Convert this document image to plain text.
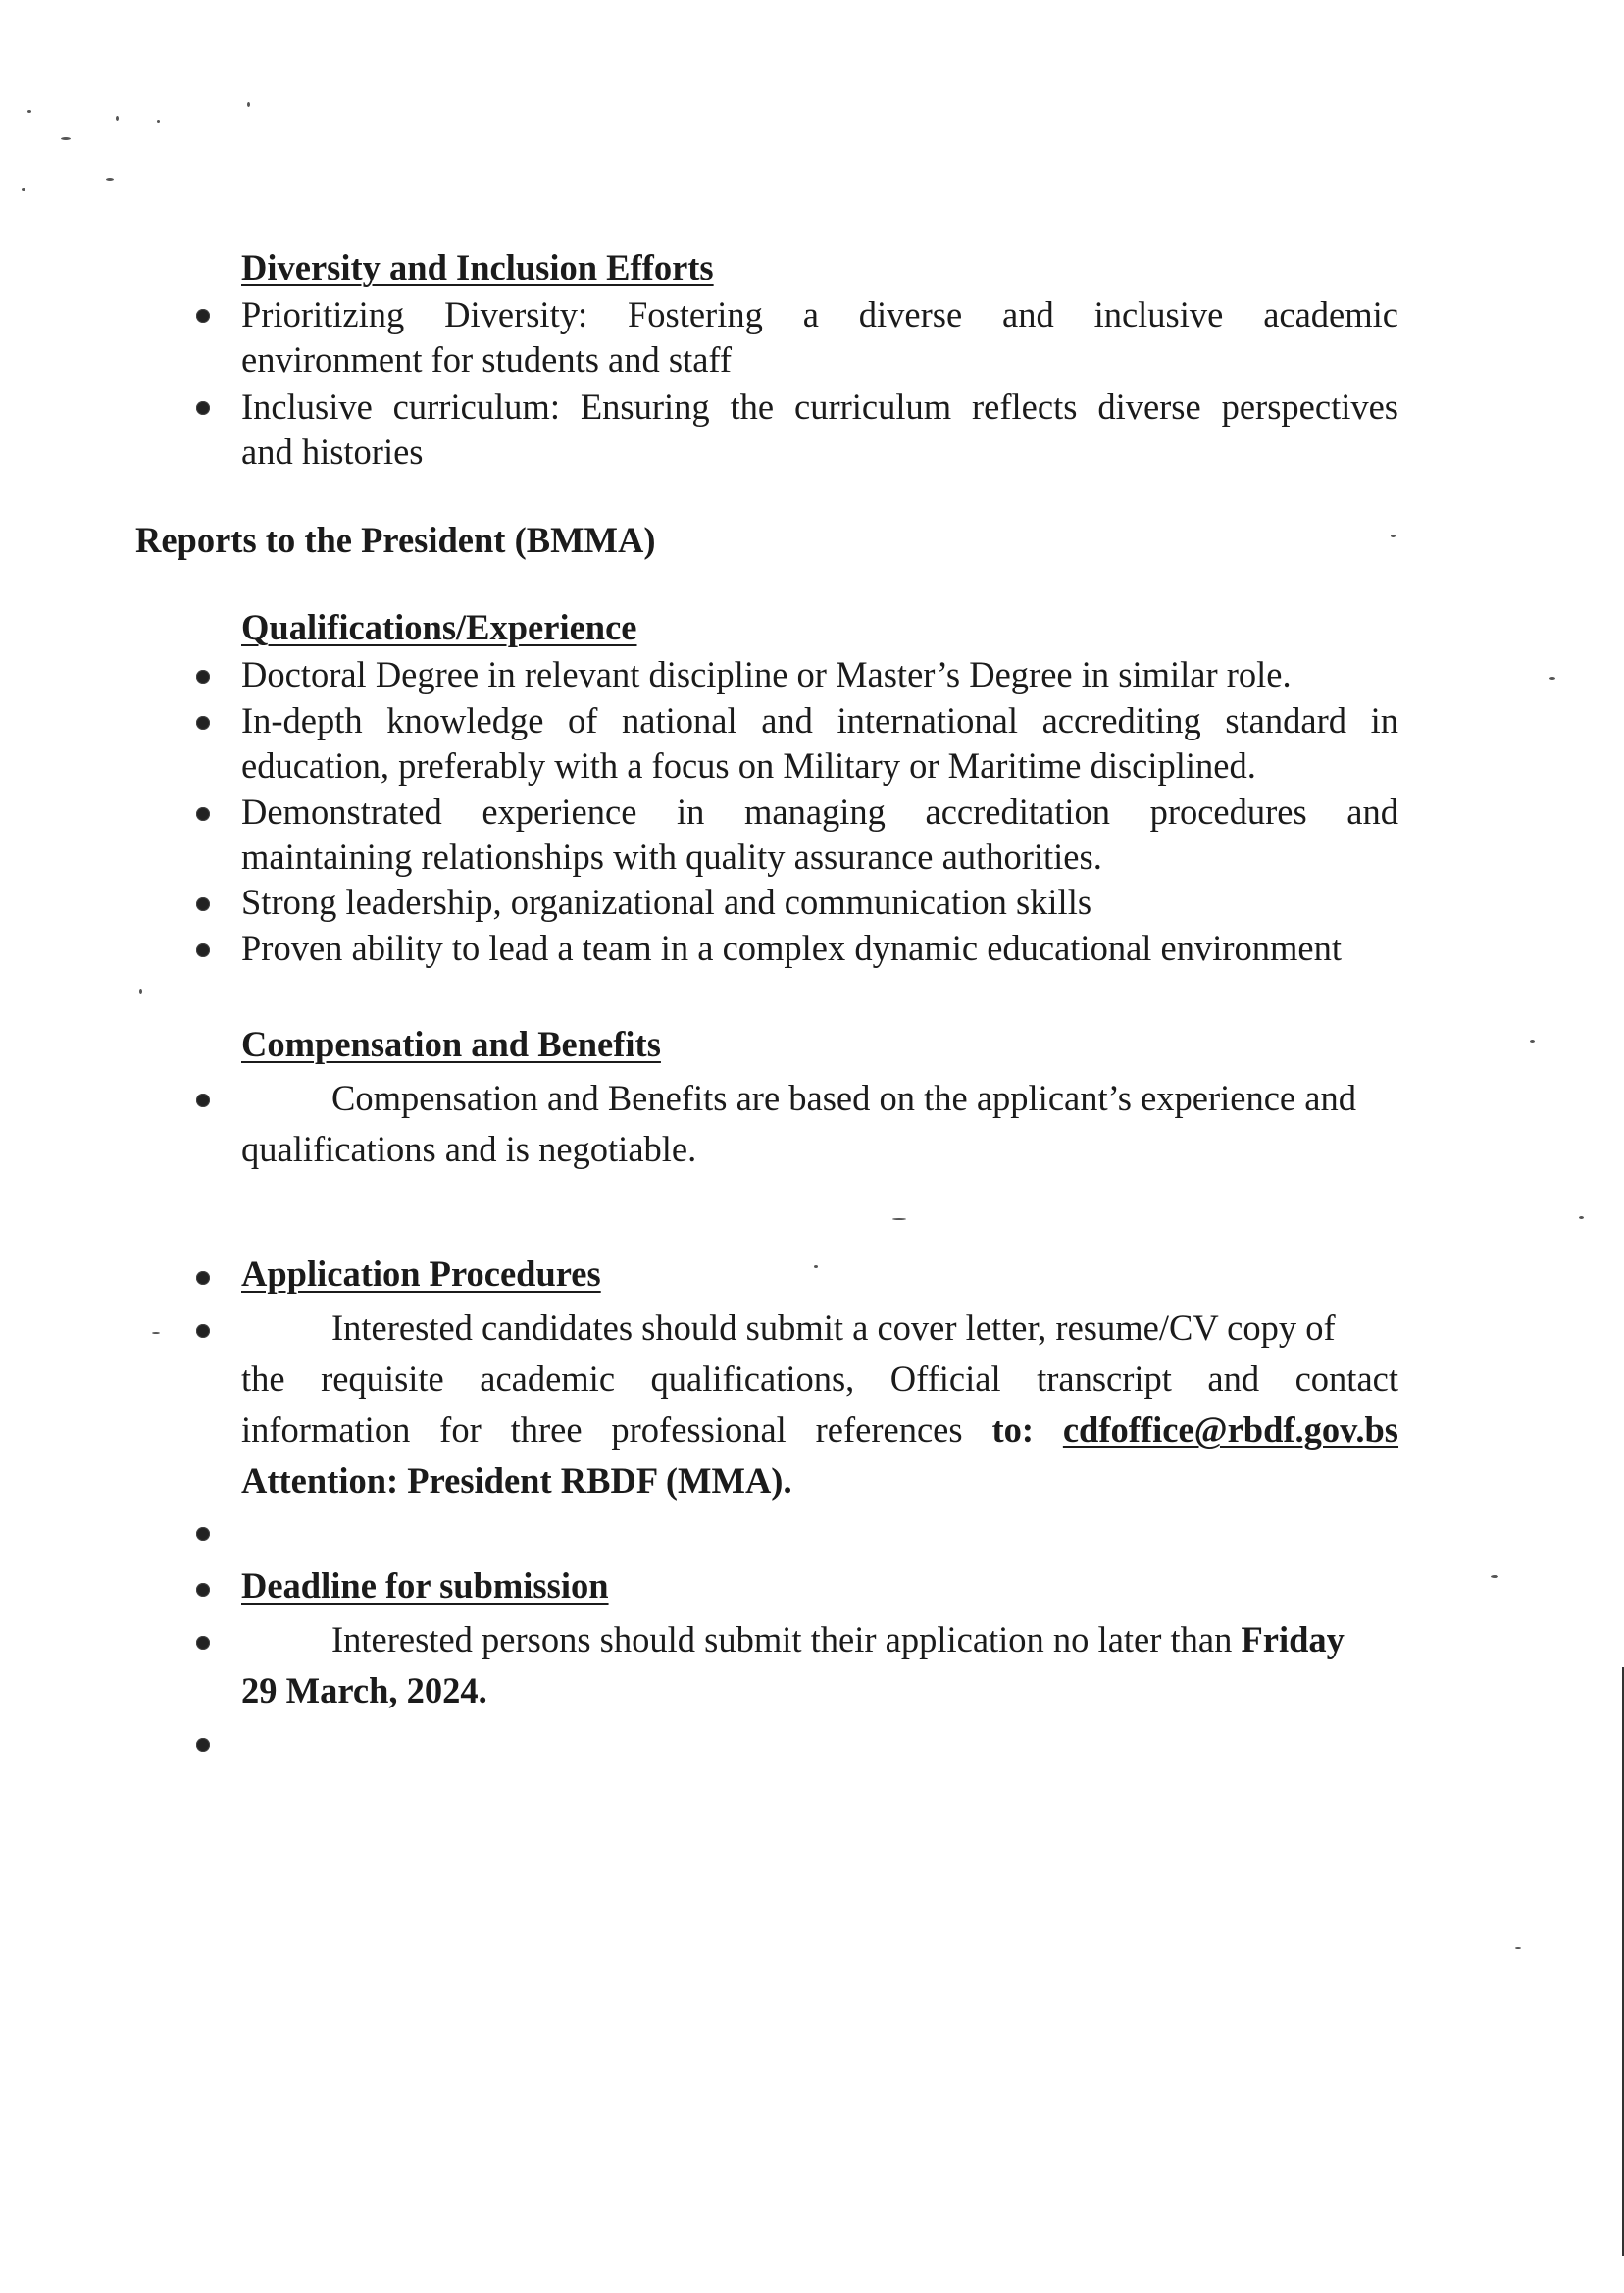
Diversity and Inclusion Efforts
Prioritizing Diversity: Fostering a diverse and inclusive academic
environment for students and staff
Inclusive curriculum: Ensuring the curriculum reflects diverse perspectives
and histories
Reports to the President (BMMA)
Qualifications/Experience
Doctoral Degree in relevant discipline or Master’s Degree in similar role.
In-depth knowledge of national and international accrediting standard in
education, preferably with a focus on Military or Maritime disciplined.
Demonstrated experience in managing accreditation procedures and
maintaining relationships with quality assurance authorities.
Strong leadership, organizational and communication skills
Proven ability to lead a team in a complex dynamic educational environment
Compensation and Benefits
Compensation and Benefits are based on the applicant’s experience and
qualifications and is negotiable.
Application Procedures
Interested candidates should submit a cover letter, resume/CV copy of
the requisite academic qualifications, Official transcript and contact
information for three professional references to: cdfoffice@rbdf.gov.bs
Attention: President RBDF (MMA).
Deadline for submission
Interested persons should submit their application no later than Friday
29 March, 2024.
